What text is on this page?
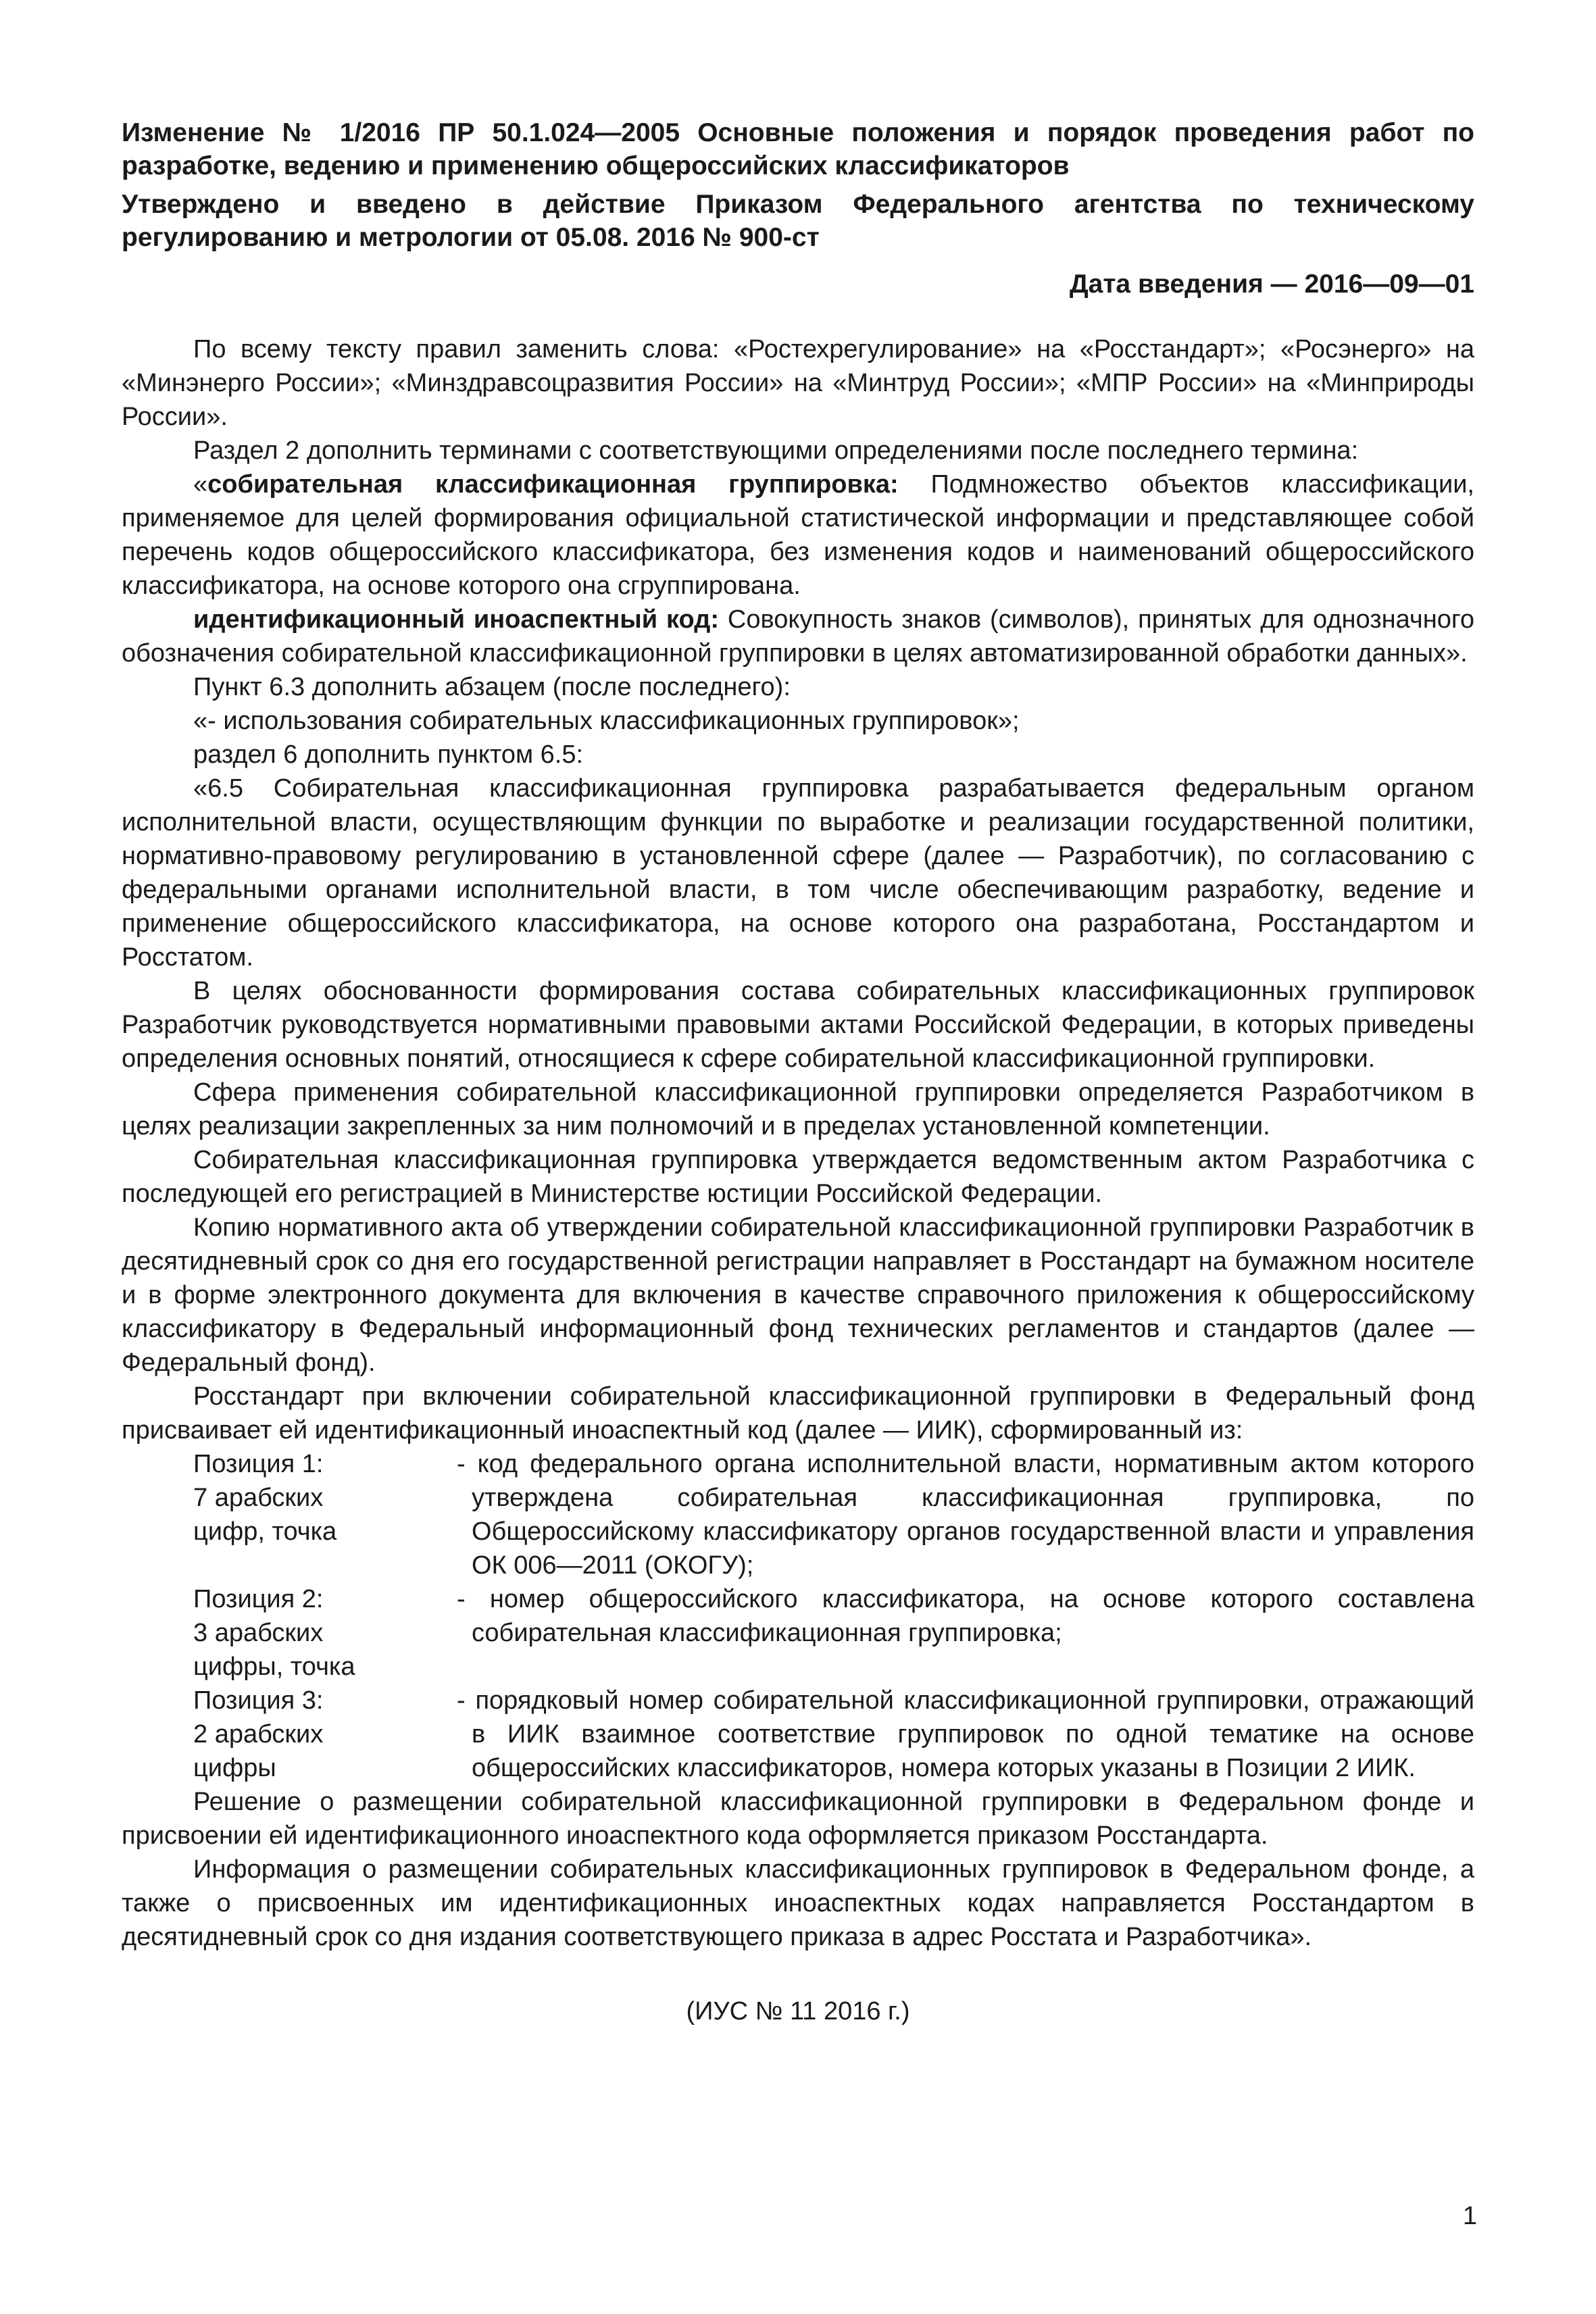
Изменение № 1/2016 ПР 50.1.024—2005 Основные положения и порядок проведения работ по разработке, ведению и применению общероссийских классификаторов

Утверждено и введено в действие Приказом Федерального агентства по техническому регулированию и метрологии от 05.08. 2016 № 900-ст

Дата введения — 2016—09—01

По всему тексту правил заменить слова: «Ростехрегулирование» на «Росстандарт»; «Росэнерго» на «Минэнерго России»; «Минздравсоцразвития России» на «Минтруд России»; «МПР России» на «Минприроды России».

Раздел 2 дополнить терминами с соответствующими определениями после последнего термина:

«собирательная классификационная группировка: Подмножество объектов классификации, применяемое для целей формирования официальной статистической информации и представляющее собой перечень кодов общероссийского классификатора, без изменения кодов и наименований общероссийского классификатора, на основе которого она сгруппирована.

идентификационный иноаспектный код: Совокупность знаков (символов), принятых для однозначного обозначения собирательной классификационной группировки в целях автоматизированной обработки данных».

Пункт 6.3 дополнить абзацем (после последнего):

«- использования собирательных классификационных группировок»;

раздел 6 дополнить пунктом 6.5:

«6.5 Собирательная классификационная группировка разрабатывается федеральным органом исполнительной власти, осуществляющим функции по выработке и реализации государственной политики, нормативно-правовому регулированию в установленной сфере (далее — Разработчик), по согласованию с федеральными органами исполнительной власти, в том числе обеспечивающим разработку, ведение и применение общероссийского классификатора, на основе которого она разработана, Росстандартом и Росстатом.

В целях обоснованности формирования состава собирательных классификационных группировок Разработчик руководствуется нормативными правовыми актами Российской Федерации, в которых приведены определения основных понятий, относящиеся к сфере собирательной классификационной группировки.

Сфера применения собирательной классификационной группировки определяется Разработчиком в целях реализации закрепленных за ним полномочий и в пределах установленной компетенции.

Собирательная классификационная группировка утверждается ведомственным актом Разработчика с последующей его регистрацией в Министерстве юстиции Российской Федерации.

Копию нормативного акта об утверждении собирательной классификационной группировки Разработчик в десятидневный срок со дня его государственной регистрации направляет в Росстандарт на бумажном носителе и в форме электронного документа для включения в качестве справочного приложения к общероссийскому классификатору в Федеральный информационный фонд технических регламентов и стандартов (далее — Федеральный фонд).

Росстандарт при включении собирательной классификационной группировки в Федеральный фонд присваивает ей идентификационный иноаспектный код (далее — ИИК), сформированный из:

Позиция 1:
7 арабских
цифр, точка
- код федерального органа исполнительной власти, нормативным актом которого утверждена собирательная классификационная группировка, по Общероссийскому классификатору органов государственной власти и управления ОК 006—2011 (ОКОГУ);
Позиция 2:
3 арабских
цифры, точка
- номер общероссийского классификатора, на основе которого составлена собирательная классификационная группировка;
Позиция 3:
2 арабских
цифры
- порядковый номер собирательной классификационной группировки, отражающий в ИИК взаимное соответствие группировок по одной тематике на основе общероссийских классификаторов, номера которых указаны в Позиции 2 ИИК.

Решение о размещении собирательной классификационной группировки в Федеральном фонде и присвоении ей идентификационного иноаспектного кода оформляется приказом Росстандарта.

Информация о размещении собирательных классификационных группировок в Федеральном фонде, а также о присвоенных им идентификационных иноаспектных кодах направляется Росстандартом в десятидневный срок со дня издания соответствующего приказа в адрес Росстата и Разработчика».

(ИУС № 11 2016 г.)
1
